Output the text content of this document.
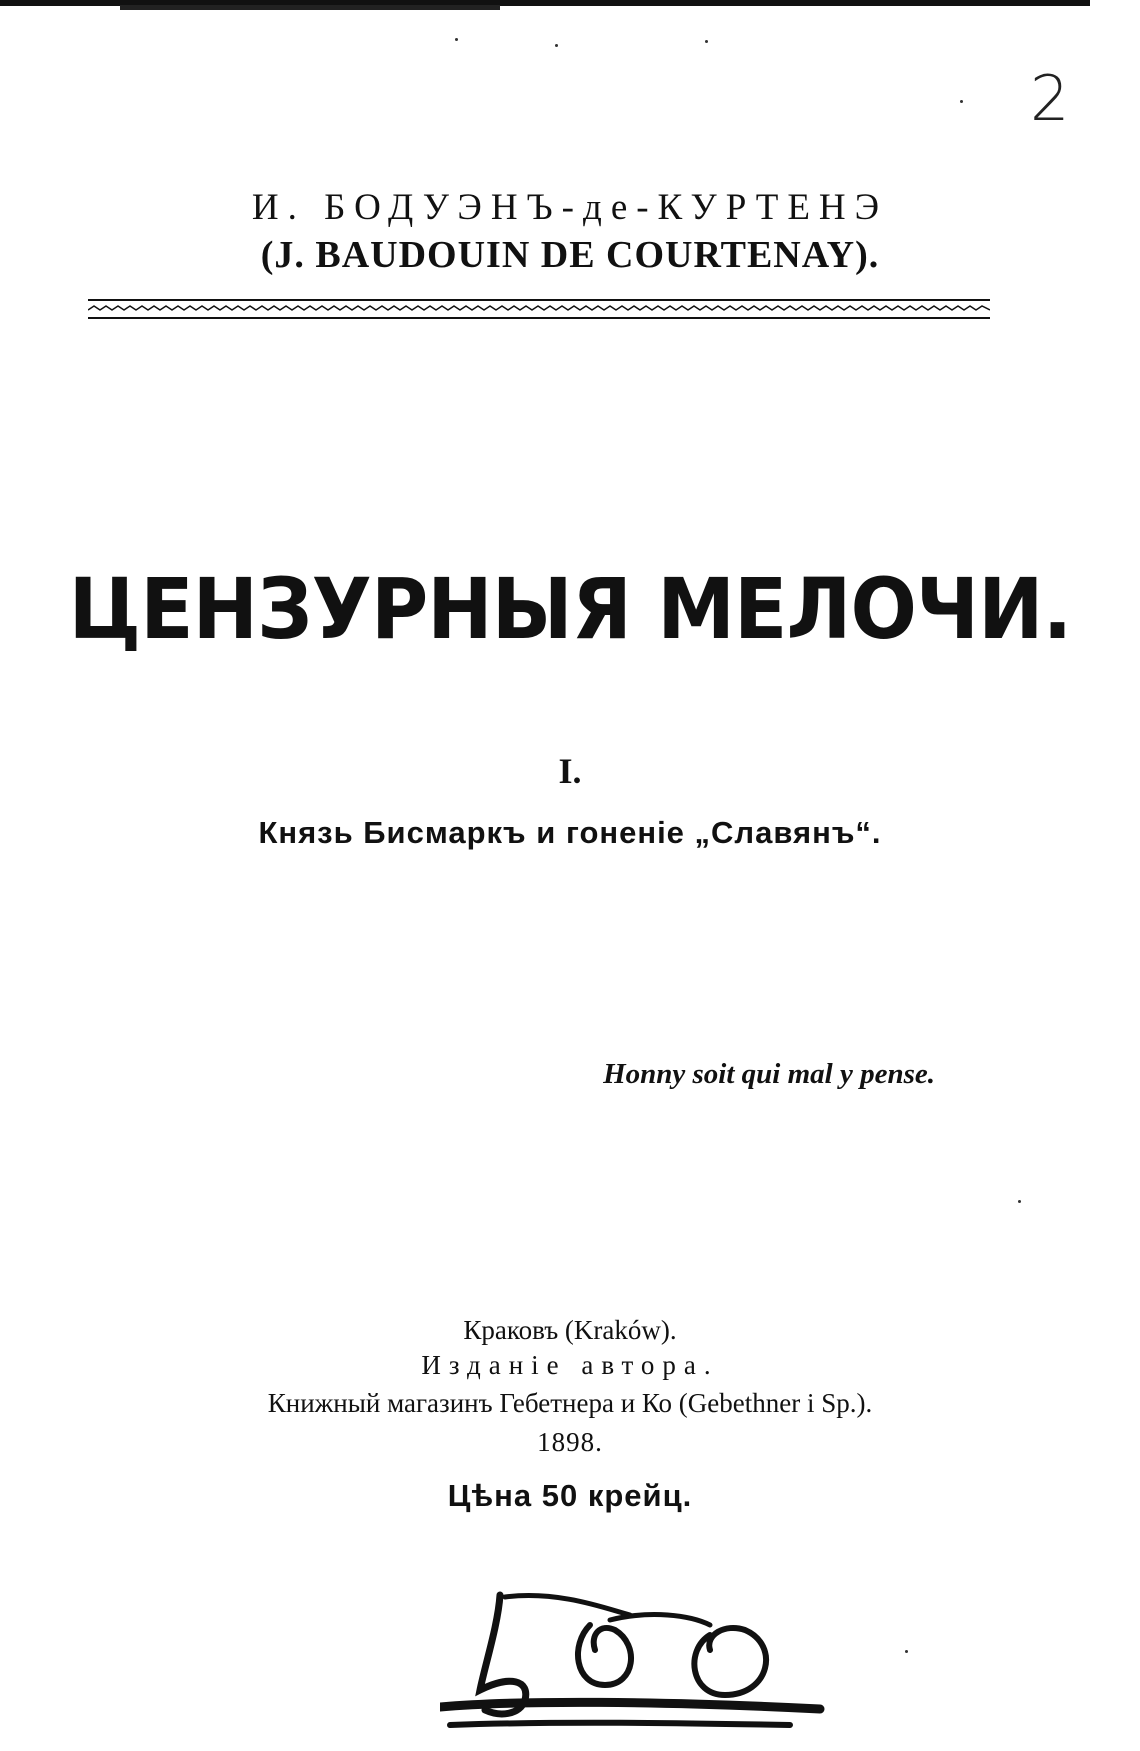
2
И. БОДУЭНЪ-де-КУРТЕНЭ
(J. BAUDOUIN DE COURTENAY).
ЦЕНЗУРНЫЯ МЕЛОЧИ.
I.
Князь Бисмаркъ и гоненіе „Славянъ“.
Honny soit qui mal y pense.
Краковъ (Kraków).
Изданіе автора.
Книжный магазинъ Гебетнера и Ко (Gebethner i Sp.).
1898.
Цѣна 50 крейц.
